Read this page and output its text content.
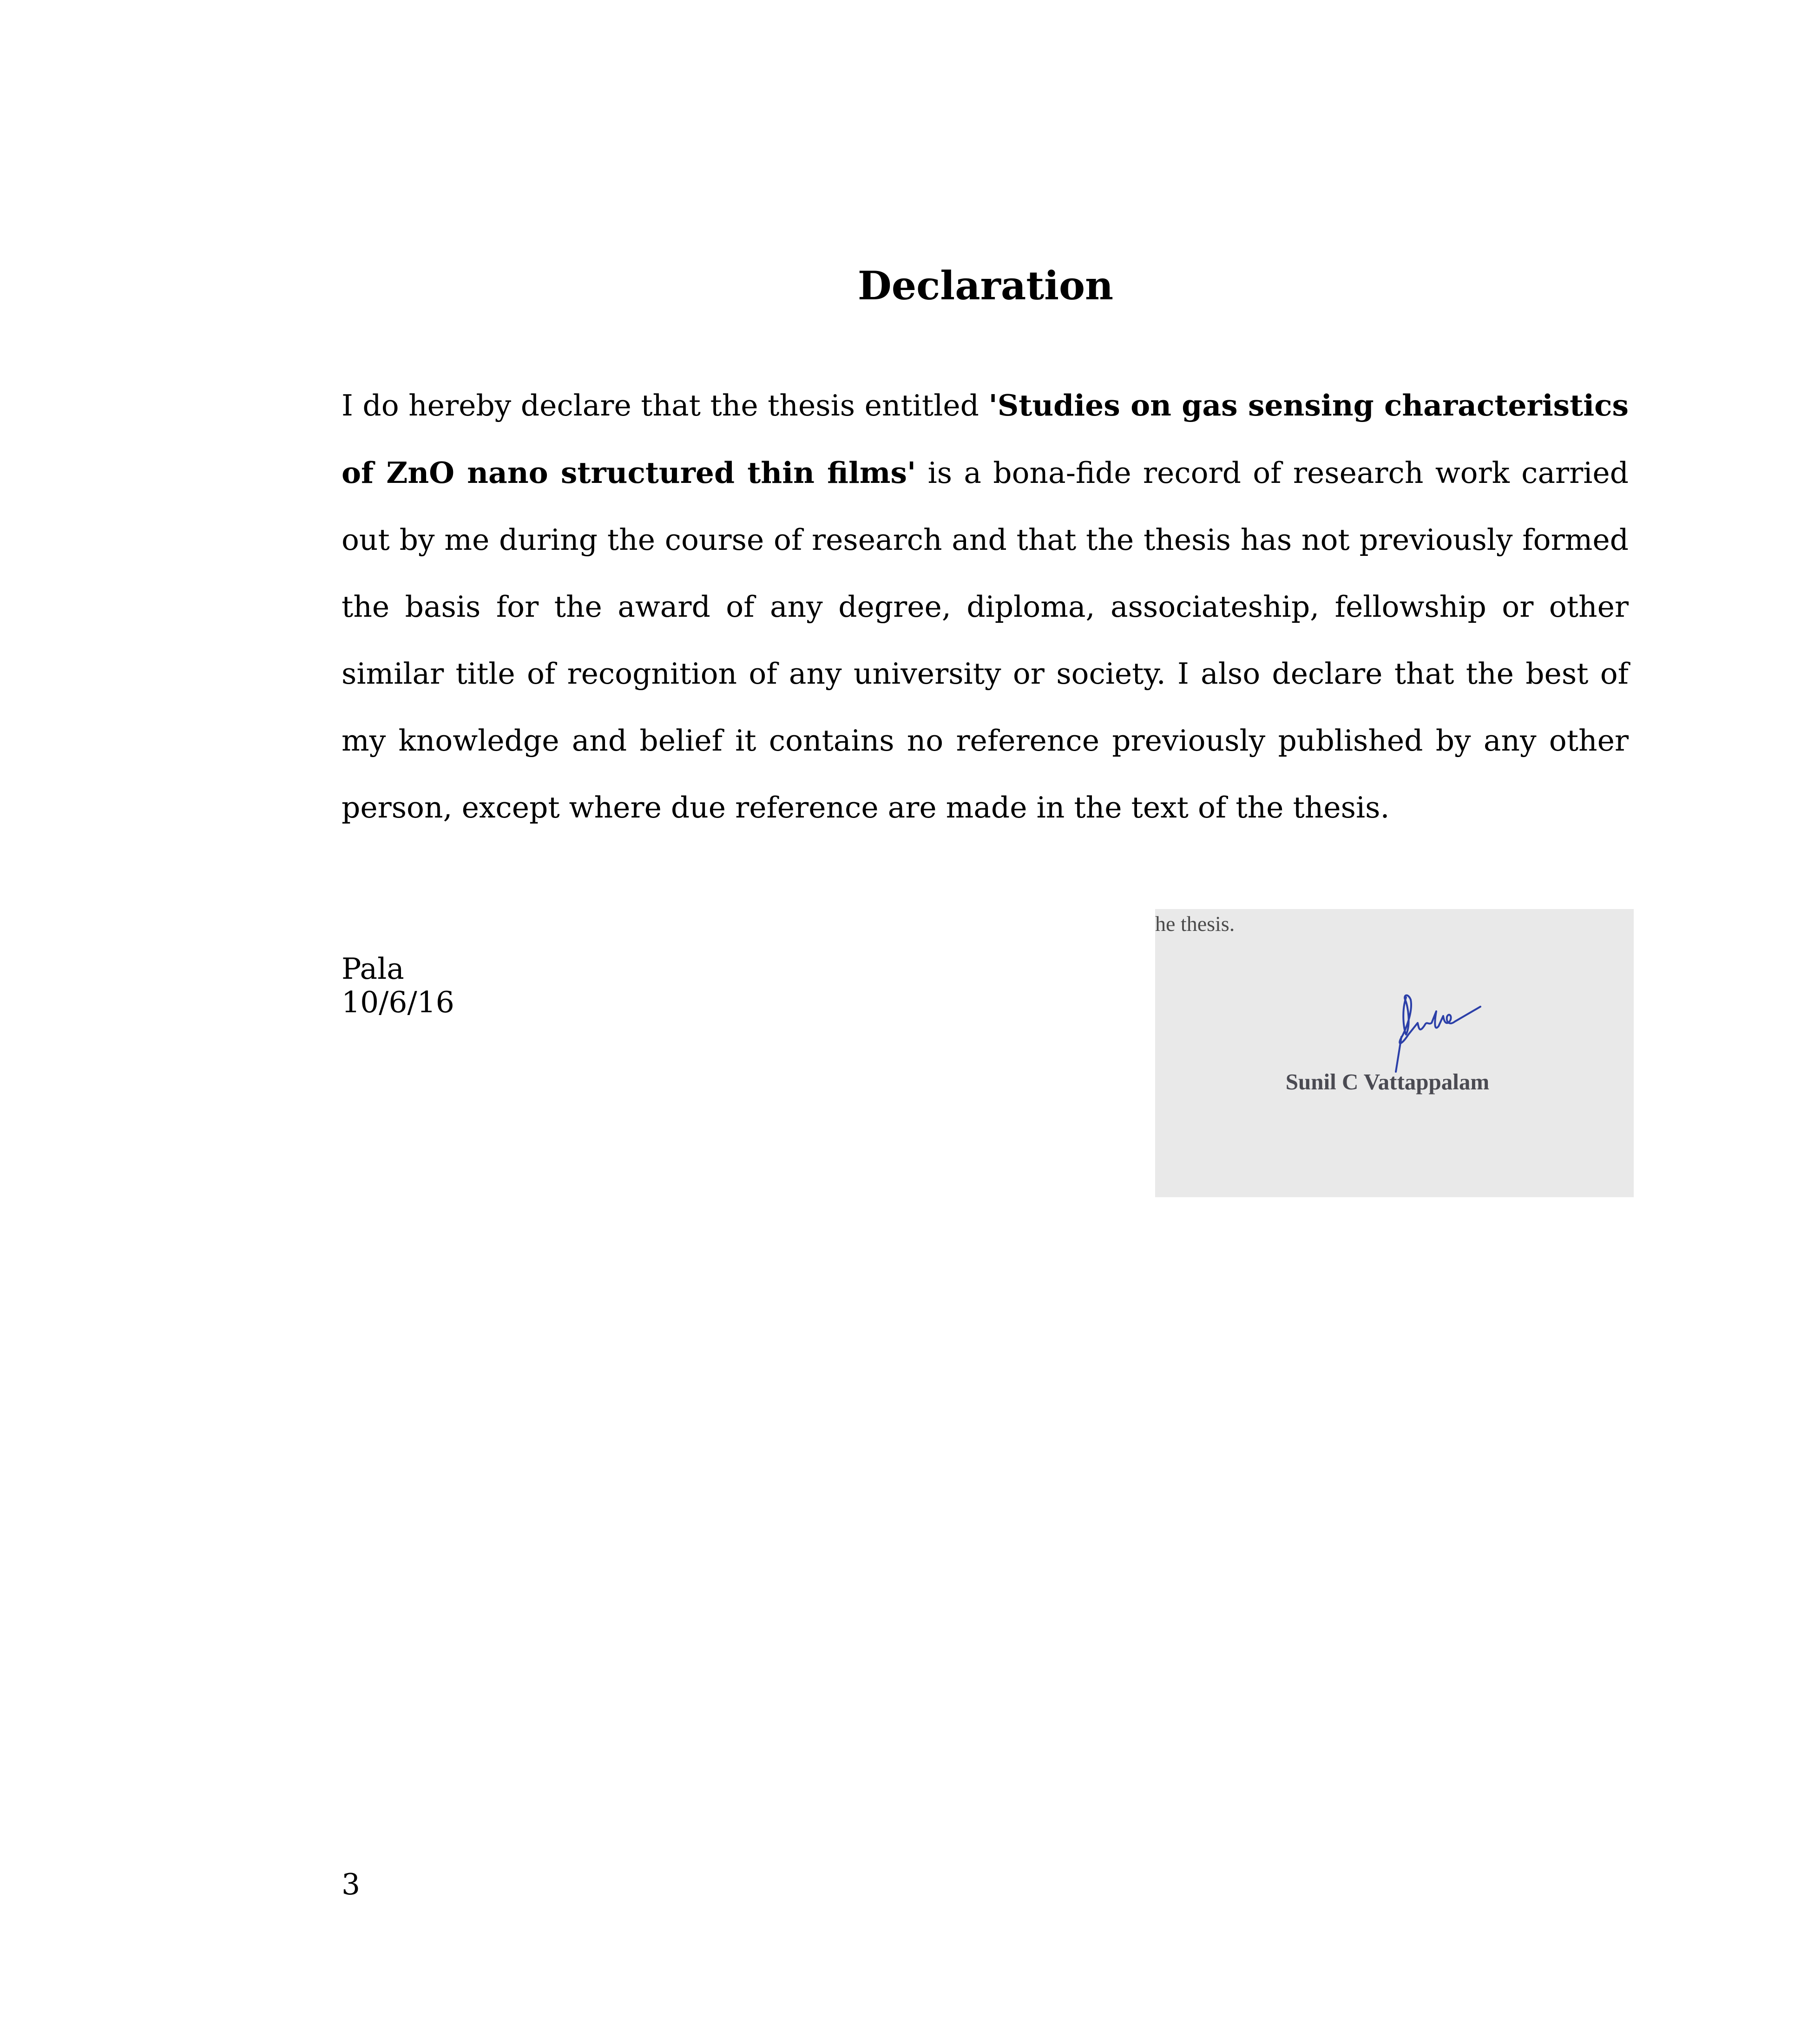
Declaration

I do hereby declare that the thesis entitled 'Studies on gas sensing characteristics of ZnO nano structured thin films' is a bona-fide record of research work carried out by me during the course of research and that the thesis has not previously formed the basis for the award of any degree, diploma, associateship, fellowship or other similar title of recognition of any university or society. I also declare that the best of my knowledge and belief it contains no reference previously published by any other person, except where due reference are made in the text of the thesis.

Pala
10/6/16
he thesis.
Sunil C Vattappalam
3
